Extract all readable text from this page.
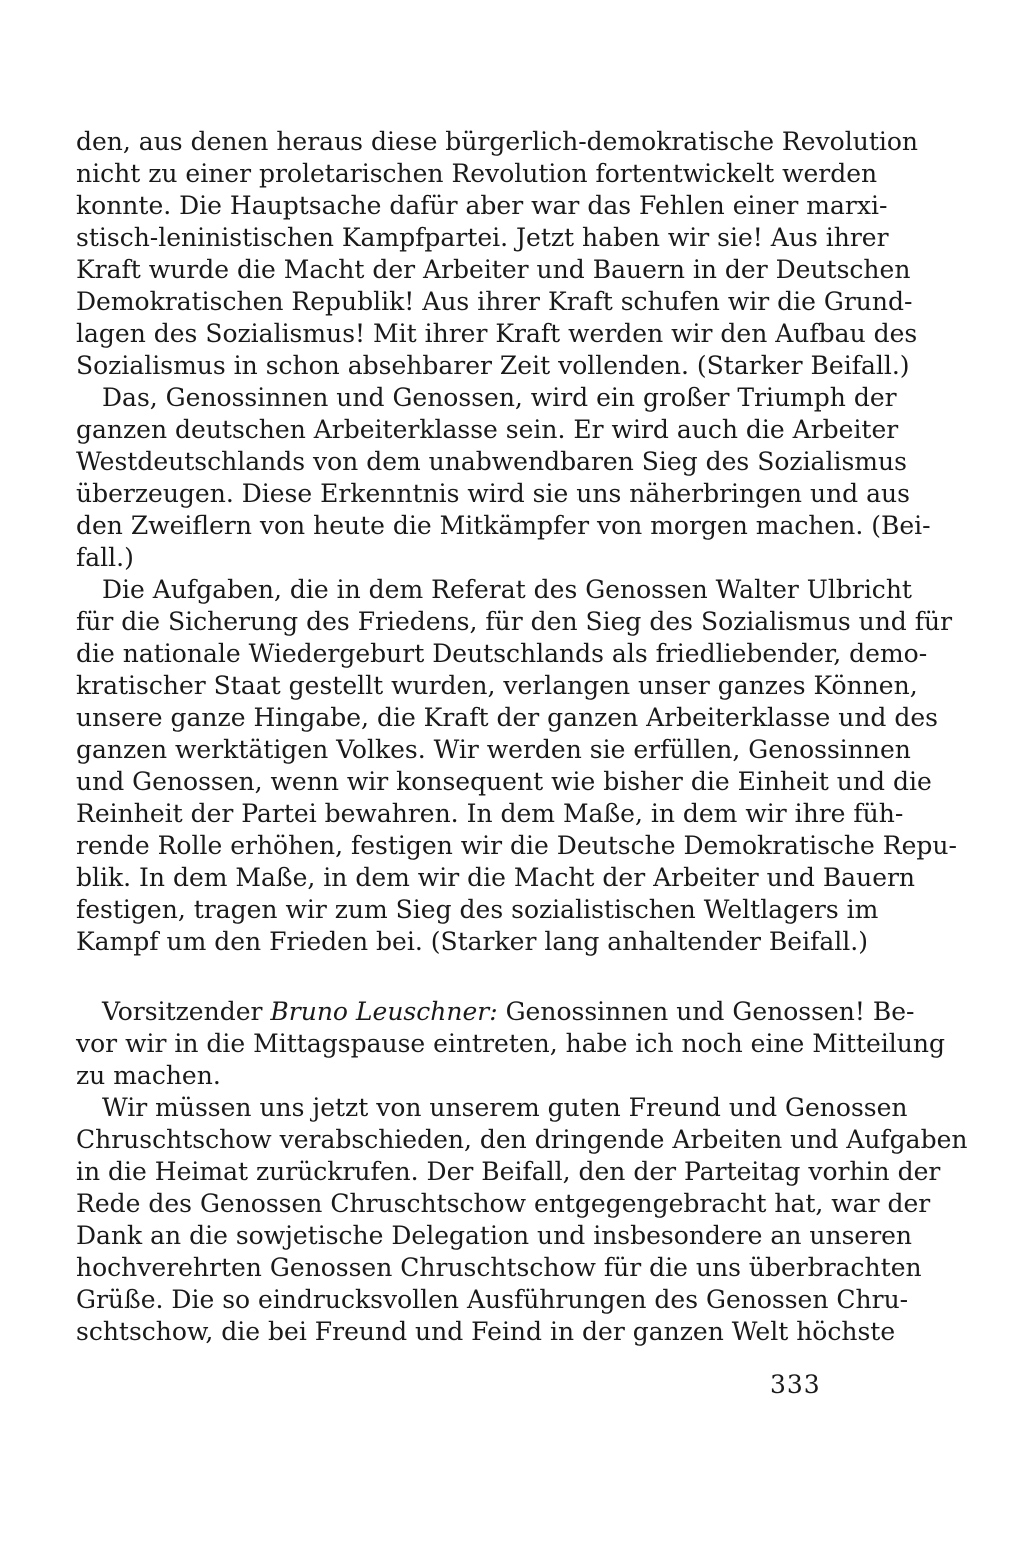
den, aus denen heraus diese bürgerlich-demokratische Revolution
nicht zu einer proletarischen Revolution fortentwickelt werden
konnte. Die Hauptsache dafür aber war das Fehlen einer marxi-
stisch-leninistischen Kampfpartei. Jetzt haben wir sie! Aus ihrer
Kraft wurde die Macht der Arbeiter und Bauern in der Deutschen
Demokratischen Republik! Aus ihrer Kraft schufen wir die Grund-
lagen des Sozialismus! Mit ihrer Kraft werden wir den Aufbau des
Sozialismus in schon absehbarer Zeit vollenden. (Starker Beifall.)
Das, Genossinnen und Genossen, wird ein großer Triumph der
ganzen deutschen Arbeiterklasse sein. Er wird auch die Arbeiter
Westdeutschlands von dem unabwendbaren Sieg des Sozialismus
überzeugen. Diese Erkenntnis wird sie uns näherbringen und aus
den Zweiflern von heute die Mitkämpfer von morgen machen. (Bei-
fall.)
Die Aufgaben, die in dem Referat des Genossen Walter Ulbricht
für die Sicherung des Friedens, für den Sieg des Sozialismus und für
die nationale Wiedergeburt Deutschlands als friedliebender, demo-
kratischer Staat gestellt wurden, verlangen unser ganzes Können,
unsere ganze Hingabe, die Kraft der ganzen Arbeiterklasse und des
ganzen werktätigen Volkes. Wir werden sie erfüllen, Genossinnen
und Genossen, wenn wir konsequent wie bisher die Einheit und die
Reinheit der Partei bewahren. In dem Maße, in dem wir ihre füh-
rende Rolle erhöhen, festigen wir die Deutsche Demokratische Repu-
blik. In dem Maße, in dem wir die Macht der Arbeiter und Bauern
festigen, tragen wir zum Sieg des sozialistischen Weltlagers im
Kampf um den Frieden bei. (Starker lang anhaltender Beifall.)
Vorsitzender Bruno Leuschner: Genossinnen und Genossen! Be-
vor wir in die Mittagspause eintreten, habe ich noch eine Mitteilung
zu machen.
Wir müssen uns jetzt von unserem guten Freund und Genossen
Chruschtschow verabschieden, den dringende Arbeiten und Aufgaben
in die Heimat zurückrufen. Der Beifall, den der Parteitag vorhin der
Rede des Genossen Chruschtschow entgegengebracht hat, war der
Dank an die sowjetische Delegation und insbesondere an unseren
hochverehrten Genossen Chruschtschow für die uns überbrachten
Grüße. Die so eindrucksvollen Ausführungen des Genossen Chru-
schtschow, die bei Freund und Feind in der ganzen Welt höchste
333
